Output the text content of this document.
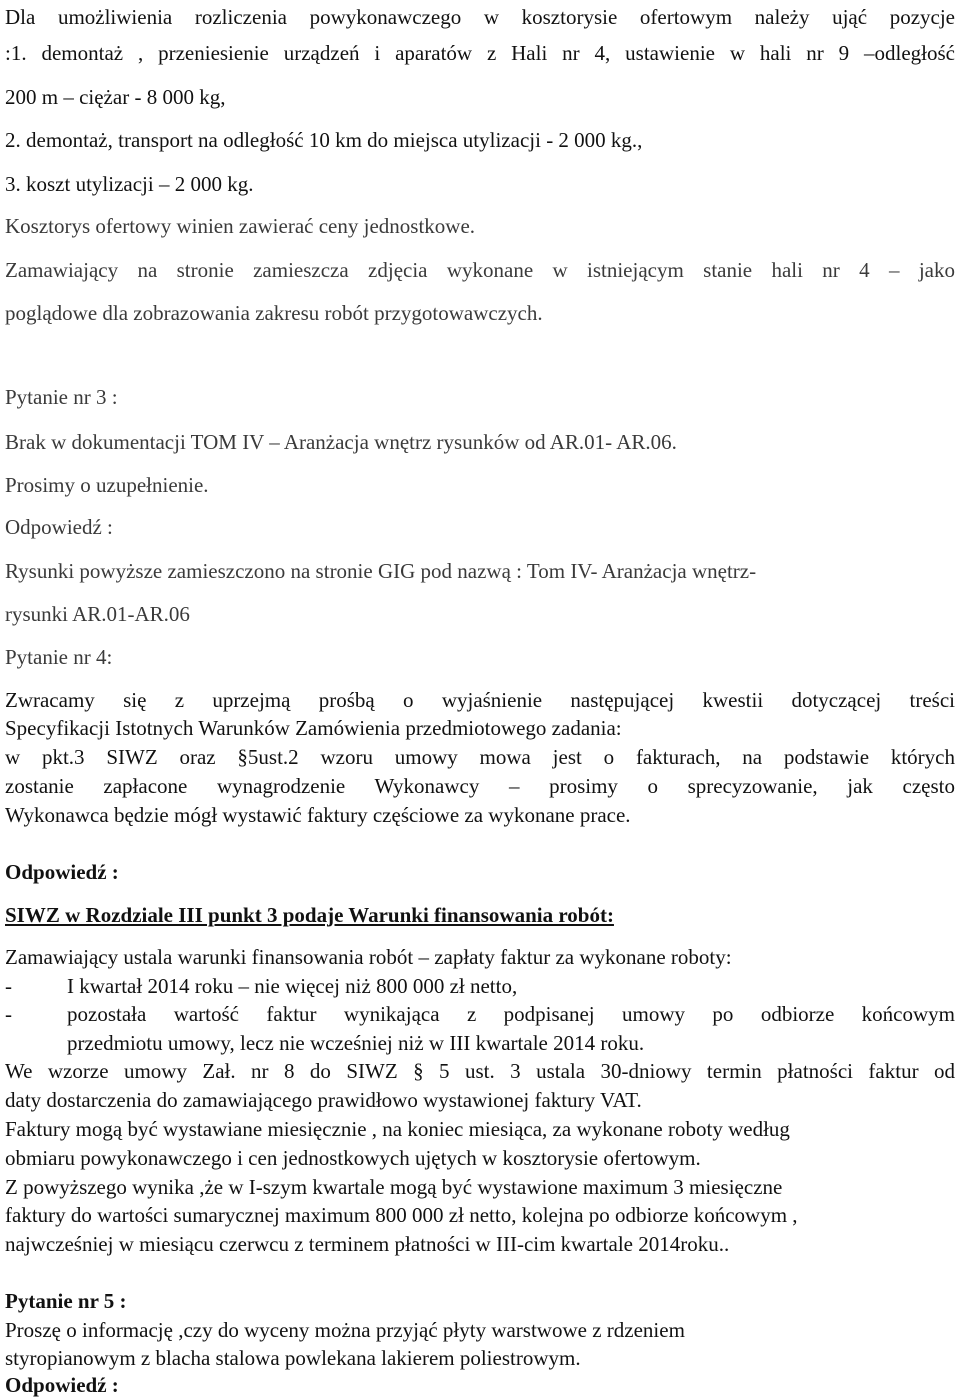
Dla umożliwienia rozliczenia powykonawczego w kosztorysie ofertowym należy ująć pozycje

:1. demontaż , przeniesienie urządzeń i aparatów z Hali nr 4, ustawienie w hali nr 9 –odległość

200 m – ciężar - 8 000 kg,

2. demontaż, transport na odległość 10 km do miejsca utylizacji - 2 000 kg.,

3. koszt utylizacji – 2 000 kg.

Kosztorys ofertowy winien zawierać ceny jednostkowe.

Zamawiający na stronie zamieszcza zdjęcia wykonane w istniejącym stanie hali nr 4 – jako

poglądowe dla zobrazowania zakresu robót przygotowawczych.

Pytanie nr 3 :

Brak w dokumentacji TOM IV – Aranżacja wnętrz rysunków od AR.01- AR.06.

Prosimy o uzupełnienie.

Odpowiedź :

Rysunki powyższe zamieszczono na stronie GIG pod nazwą : Tom IV- Aranżacja wnętrz-

rysunki AR.01-AR.06

Pytanie nr 4:

Zwracamy się z uprzejmą prośbą o wyjaśnienie następującej kwestii dotyczącej treści

Specyfikacji Istotnych Warunków Zamówienia przedmiotowego zadania:

w pkt.3 SIWZ oraz §5ust.2 wzoru umowy mowa jest o fakturach, na podstawie których

zostanie zapłacone wynagrodzenie Wykonawcy – prosimy o sprecyzowanie, jak często

Wykonawca będzie mógł wystawić faktury częściowe za wykonane prace.

Odpowiedź :

SIWZ w Rozdziale III punkt 3 podaje Warunki finansowania robót:

Zamawiający ustala warunki finansowania robót – zapłaty faktur za wykonane roboty:

-	I kwartał 2014 roku – nie więcej niż 800 000 zł netto,

-	pozostała wartość faktur wynikająca z podpisanej umowy po odbiorze końcowym

przedmiotu umowy, lecz nie wcześniej niż w III kwartale 2014 roku.

We wzorze umowy Zał. nr 8 do SIWZ § 5 ust. 3 ustala 30-dniowy termin płatności faktur od

daty dostarczenia do zamawiającego prawidłowo wystawionej faktury VAT.

Faktury mogą być wystawiane miesięcznie , na koniec miesiąca, za wykonane roboty według

obmiaru powykonawczego i cen jednostkowych ujętych w kosztorysie ofertowym.

Z powyższego wynika ,że w I-szym kwartale mogą być wystawione maximum 3 miesięczne

faktury do wartości sumarycznej maximum 800 000 zł netto, kolejna po odbiorze końcowym ,

najwcześniej w miesiącu czerwcu z terminem płatności w III-cim kwartale 2014roku..

Pytanie nr 5 :

Proszę o informację ,czy do wyceny można przyjąć płyty warstwowe z rdzeniem

styropianowym z blacha stalowa powlekana lakierem poliestrowym.

Odpowiedź :
